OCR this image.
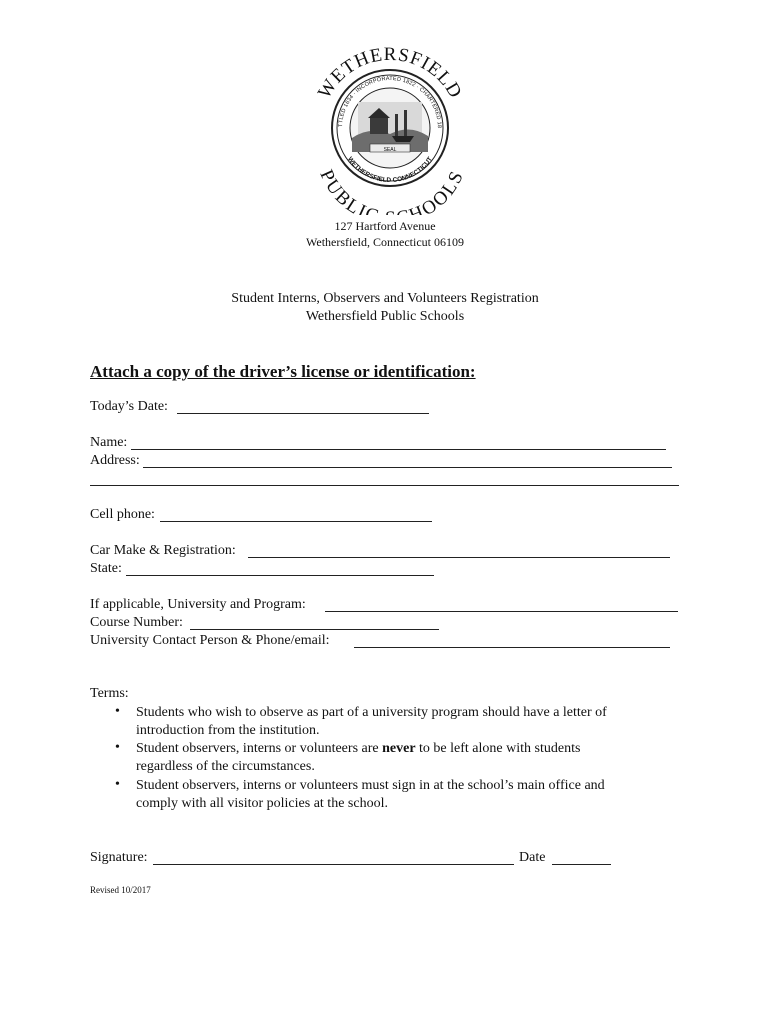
SEAL
TTLED 1634 · INCORPORATED 1822 · CHARTERED 18
WETHERSFIELD CONNECTICUT
WETHERSFIELD
PUBLI HOOLS
127 Hartford Avenue
Wethersfield, Connecticut 06109
Student Interns, Observers and Volunteers Registration
Wethersfield Public Schools
Attach a copy of the driver’s license or identification:
Today’s Date:
Name:
Address:
Cell phone:
Car Make & Registration:
State:
If applicable, University and Program:
Course Number:
University Contact Person & Phone/email:
Terms:
• Students who wish to observe as part of a university program should have a letter of
introduction from the institution.
• Student observers, interns or volunteers are never to be left alone with students
regardless of the circumstances.
• Student observers, interns or volunteers must sign in at the school’s main office and
comply with all visitor policies at the school.
Signature:	Date
Revised 10/2017
